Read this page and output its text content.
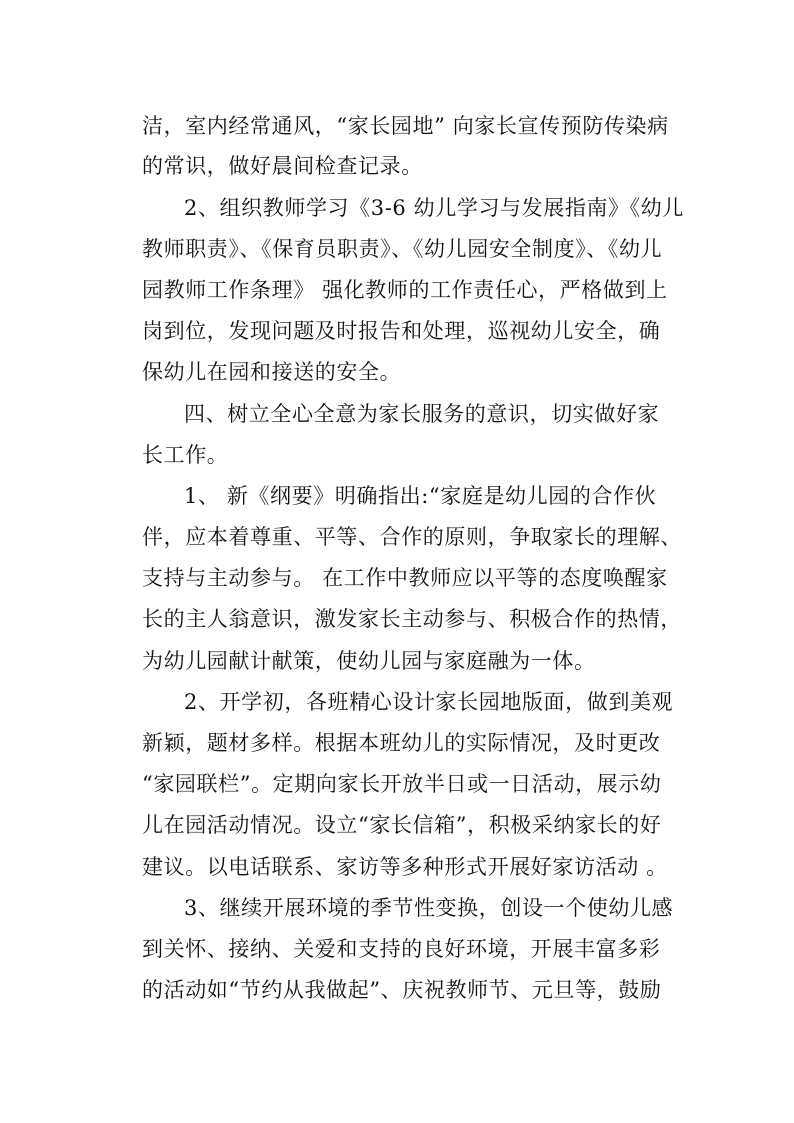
洁，室内经常通风，“家长园地” 向家长宣传预防传染病
的常识，做好晨间检查记录。
2、组织教师学习《3-6 幼儿学习与发展指南》《幼儿
教师职责》、《保育员职责》、《幼儿园安全制度》、《幼儿
园教师工作条理》 强化教师的工作责任心，严格做到上
岗到位，发现问题及时报告和处理，巡视幼儿安全，确
保幼儿在园和接送的安全。
四、树立全心全意为家长服务的意识，切实做好家
长工作。
1、 新《纲要》明确指出:“家庭是幼儿园的合作伙
伴，应本着尊重、平等、合作的原则，争取家长的理解、
支持与主动参与。 在工作中教师应以平等的态度唤醒家
长的主人翁意识，激发家长主动参与、积极合作的热情，
为幼儿园献计献策，使幼儿园与家庭融为一体。
2、开学初，各班精心设计家长园地版面，做到美观
新颖，题材多样。根据本班幼儿的实际情况，及时更改
“家园联栏”。定期向家长开放半日或一日活动，展示幼
儿在园活动情况。设立“家长信箱”，积极采纳家长的好
建议。以电话联系、家访等多种形式开展好家访活动 。
3、继续开展环境的季节性变换，创设一个使幼儿感
到关怀、接纳、关爱和支持的良好环境，开展丰富多彩
的活动如“节约从我做起”、庆祝教师节、元旦等，鼓励
